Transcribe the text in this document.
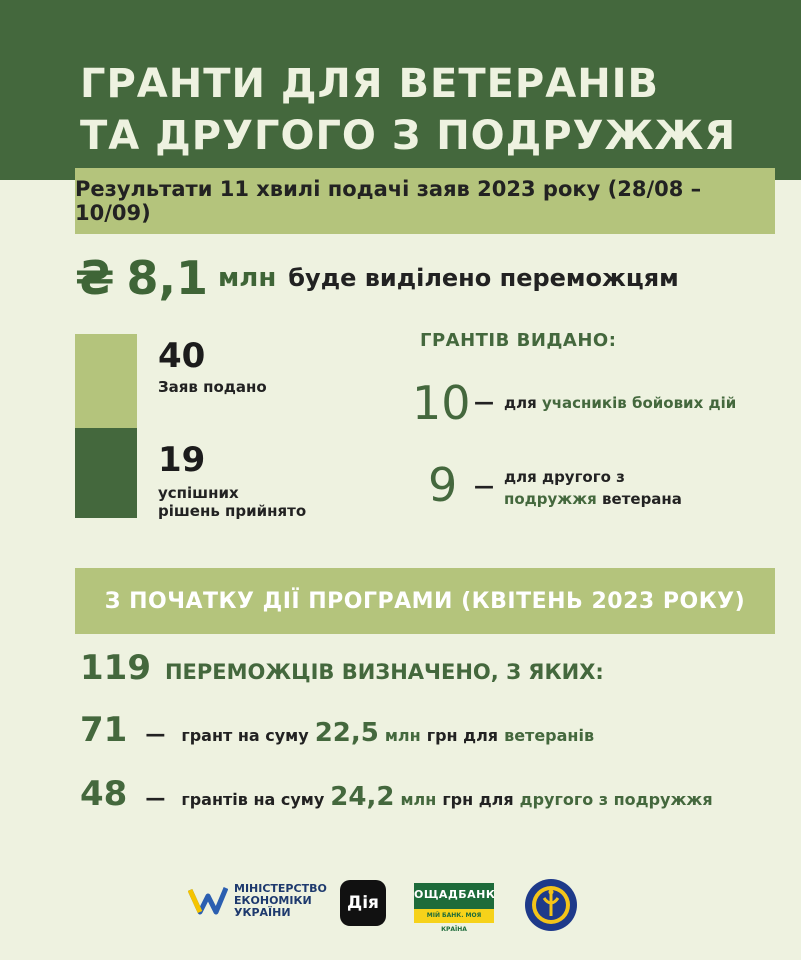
ГРАНТИ ДЛЯ ВЕТЕРАНІВ
ТА ДРУГОГО З ПОДРУЖЖЯ
Результати 11 хвилі подачі заяв 2023 року (28/08 – 10/09)
₴ 8,1 млн буде виділено переможцям
40
Заяв подано
19
успішних
рішень прийнято
ГРАНТІВ ВИДАНО:
10 — для учасників бойових дій
9 — для другого з
подружжя ветерана
З ПОЧАТКУ ДІЇ ПРОГРАМИ (КВІТЕНЬ 2023 РОКУ)
119 ПЕРЕМОЖЦІВ ВИЗНАЧЕНО, З ЯКИХ:
71 — грант на суму 22,5 млн грн для ветеранів
48 — грантів на суму 24,2 млн грн для другого з подружжя
МІНІСТЕРСТВО
ЕКОНОМІКИ
УКРАЇНИ	Дія	ОЩАДБАНК
МІЙ БАНК. МОЯ КРАЇНА
